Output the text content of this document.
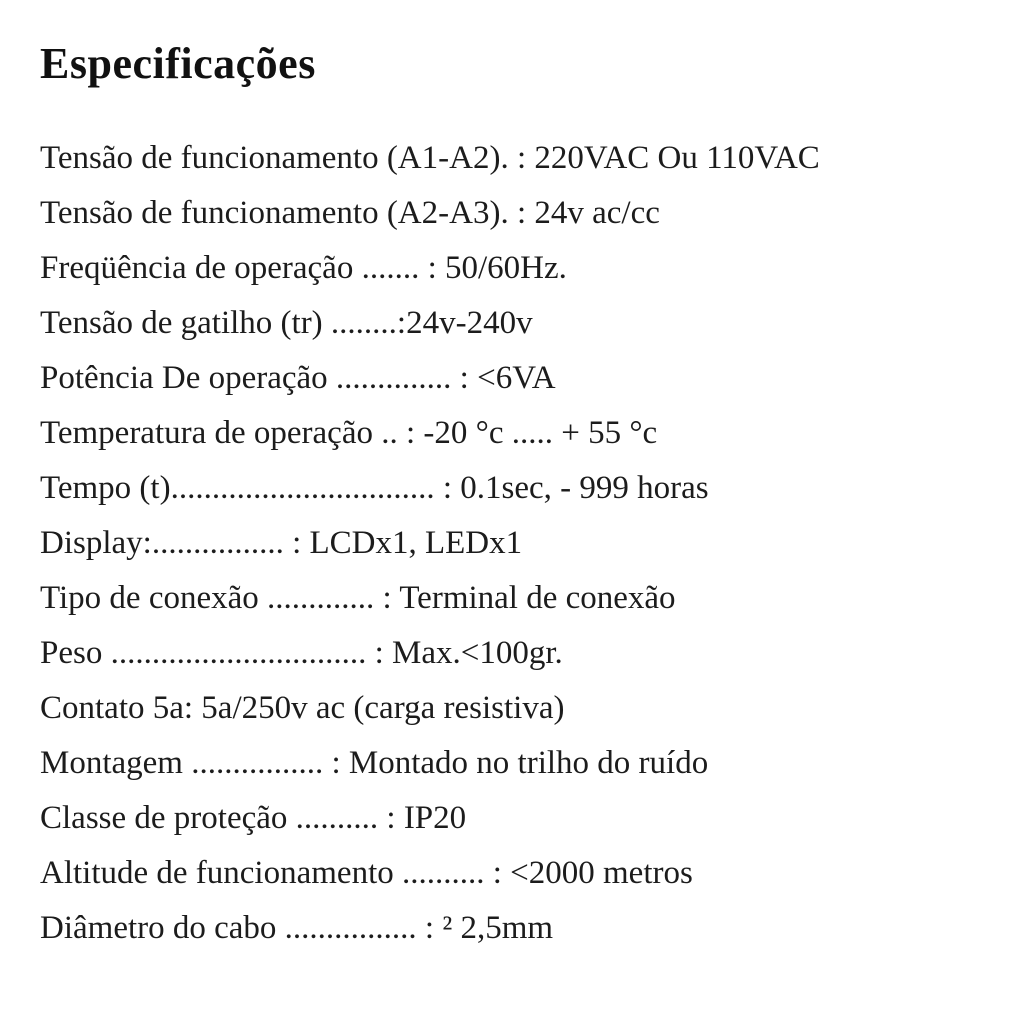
Especificações
Tensão de funcionamento (A1-A2). : 220VAC Ou 110VAC
Tensão de funcionamento (A2-A3). : 24v ac/cc
Freqüência de operação ....... : 50/60Hz.
Tensão de gatilho (tr) ........:24v-240v
Potência De operação .............. : <6VA
Temperatura de operação .. : -20 °c ..... + 55 °c
Tempo (t)................................ : 0.1sec, - 999 horas
Display:................ : LCDx1, LEDx1
Tipo de conexão ............. : Terminal de conexão
Peso ............................... : Max.<100gr.
Contato 5a: 5a/250v ac (carga resistiva)
Montagem ................ : Montado no trilho do ruído
Classe de proteção .......... : IP20
Altitude de funcionamento .......... : <2000 metros
Diâmetro do cabo ................ : ² 2,5mm
